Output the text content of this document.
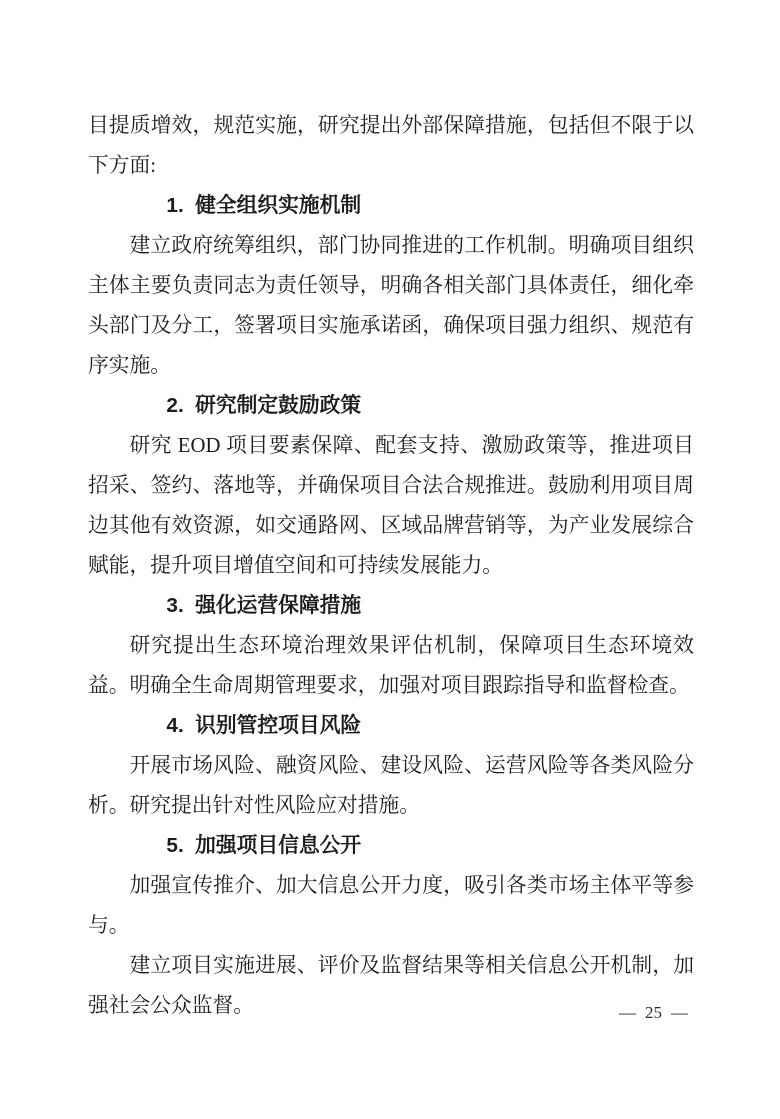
目提质增效，规范实施，研究提出外部保障措施，包括但不限于以下方面:

1. 健全组织实施机制

建立政府统筹组织，部门协同推进的工作机制。明确项目组织主体主要负责同志为责任领导，明确各相关部门具体责任，细化牵头部门及分工，签署项目实施承诺函，确保项目强力组织、规范有序实施。

2. 研究制定鼓励政策

研究 EOD 项目要素保障、配套支持、激励政策等，推进项目招采、签约、落地等，并确保项目合法合规推进。鼓励利用项目周边其他有效资源，如交通路网、区域品牌营销等，为产业发展综合赋能，提升项目增值空间和可持续发展能力。

3. 强化运营保障措施

研究提出生态环境治理效果评估机制，保障项目生态环境效益。明确全生命周期管理要求，加强对项目跟踪指导和监督检查。

4. 识别管控项目风险

开展市场风险、融资风险、建设风险、运营风险等各类风险分析。研究提出针对性风险应对措施。

5. 加强项目信息公开

加强宣传推介、加大信息公开力度，吸引各类市场主体平等参与。

建立项目实施进展、评价及监督结果等相关信息公开机制，加强社会公众监督。	— 25 —
